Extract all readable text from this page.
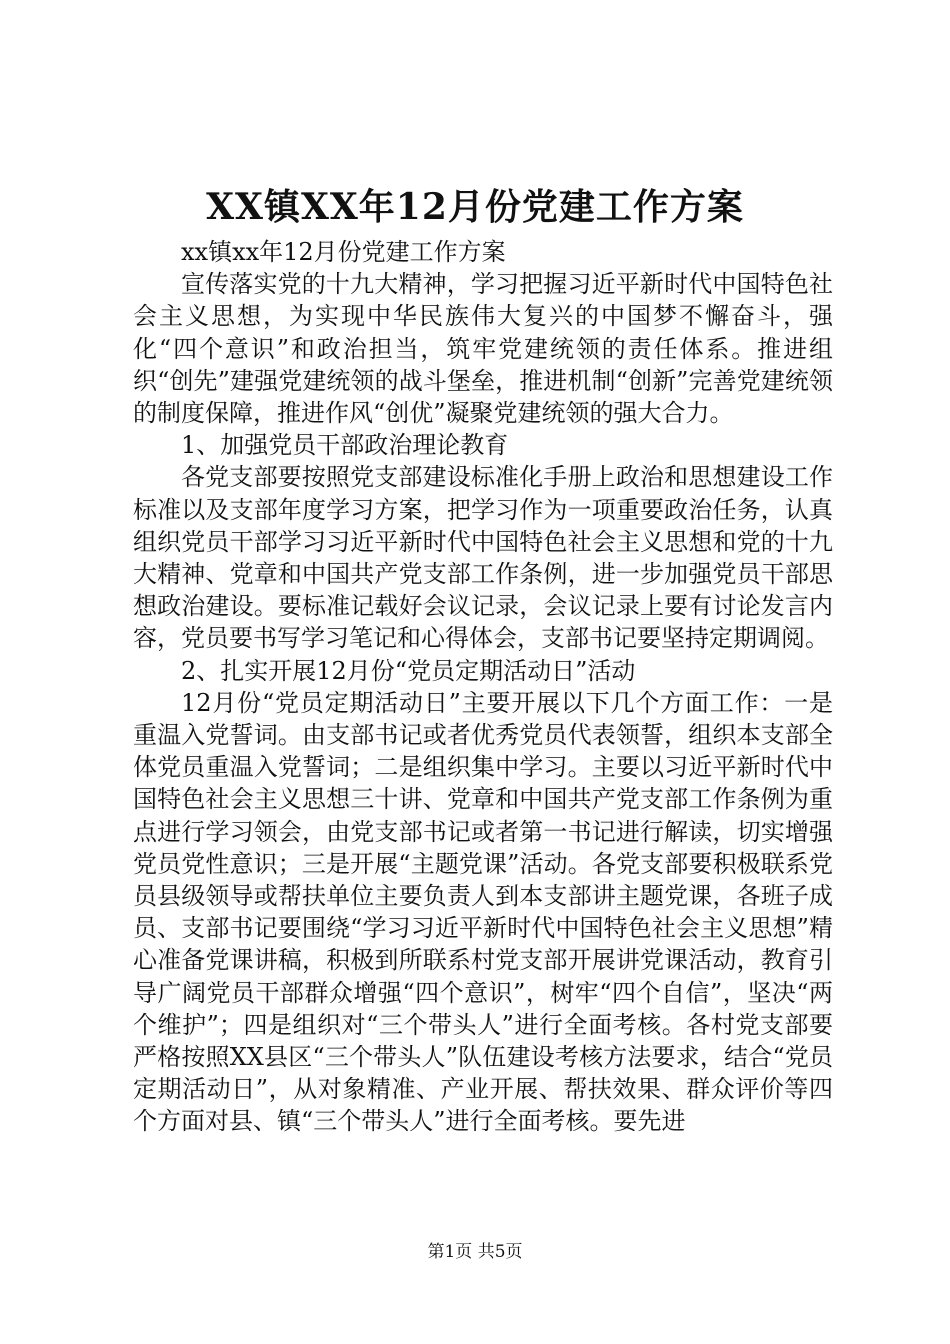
XX镇XX年12月份党建工作方案

xx镇xx年12月份党建工作方案

宣传落实党的十九大精神，学习把握习近平新时代中国特色社会主义思想，为实现中华民族伟大复兴的中国梦不懈奋斗，强化“四个意识”和政治担当，筑牢党建统领的责任体系。推进组织“创先”建强党建统领的战斗堡垒，推进机制“创新”完善党建统领的制度保障，推进作风“创优”凝聚党建统领的强大合力。

1、加强党员干部政治理论教育

各党支部要按照党支部建设标准化手册上政治和思想建设工作标准以及支部年度学习方案，把学习作为一项重要政治任务，认真组织党员干部学习习近平新时代中国特色社会主义思想和党的十九大精神、党章和中国共产党支部工作条例，进一步加强党员干部思想政治建设。要标准记载好会议记录，会议记录上要有讨论发言内容，党员要书写学习笔记和心得体会，支部书记要坚持定期调阅。

2、扎实开展12月份“党员定期活动日”活动

12月份“党员定期活动日”主要开展以下几个方面工作：一是重温入党誓词。由支部书记或者优秀党员代表领誓，组织本支部全体党员重温入党誓词；二是组织集中学习。主要以习近平新时代中国特色社会主义思想三十讲、党章和中国共产党支部工作条例为重点进行学习领会，由党支部书记或者第一书记进行解读，切实增强党员党性意识；三是开展“主题党课”活动。各党支部要积极联系党员县级领导或帮扶单位主要负责人到本支部讲主题党课，各班子成员、支部书记要围绕“学习习近平新时代中国特色社会主义思想”精心准备党课讲稿，积极到所联系村党支部开展讲党课活动，教育引导广阔党员干部群众增强“四个意识”，树牢“四个自信”，坚决“两个维护”；四是组织对“三个带头人”进行全面考核。各村党支部要严格按照XX县区“三个带头人”队伍建设考核方法要求，结合“党员定期活动日”，从对象精准、产业开展、帮扶效果、群众评价等四个方面对县、镇“三个带头人”进行全面考核。要先进

第1页 共5页
